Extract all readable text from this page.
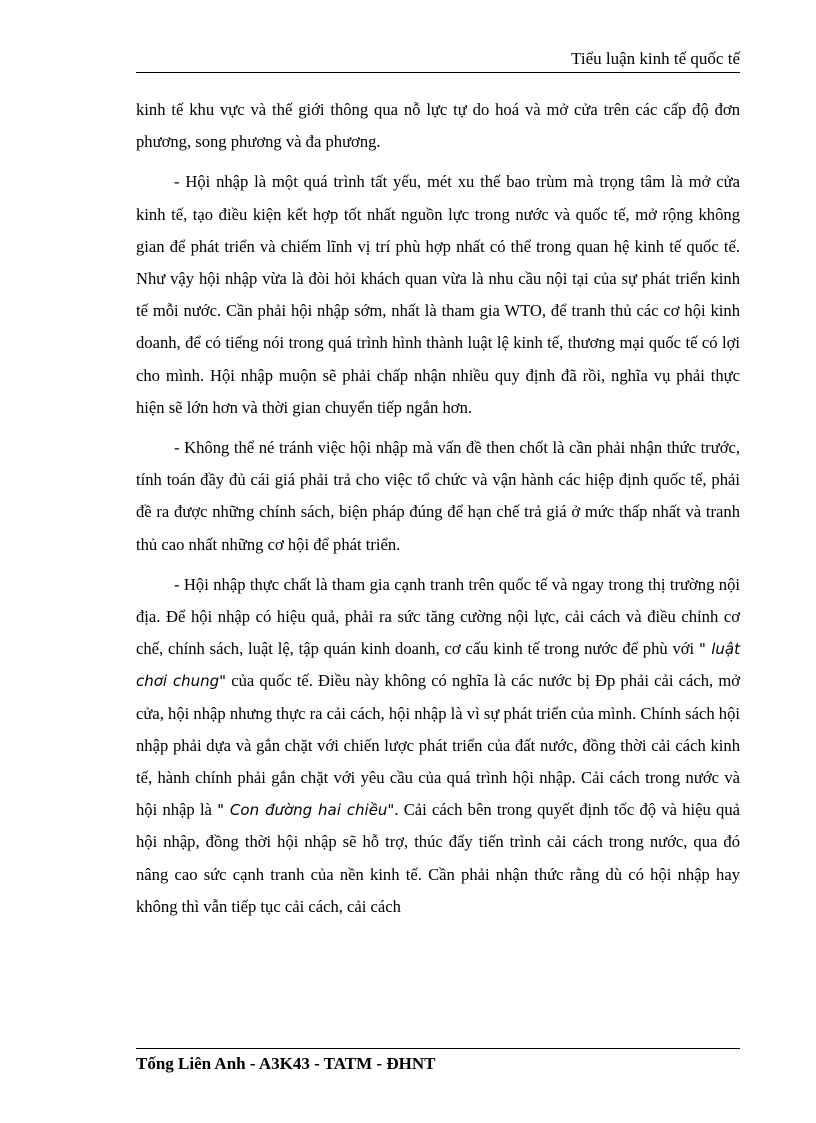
Tiểu luận kinh tế quốc tế

kinh tế khu vực và thế giới thông qua nỗ lực tự do hoá và mở cửa trên các cấp độ đơn phương, song phương và đa phương.

- Hội nhập là một quá trình tất yếu, mét xu thế bao trùm mà trọng tâm là mở cửa kinh tế, tạo điều kiện kết hợp tốt nhất nguồn lực trong nước và quốc tế, mở rộng không gian để phát triển và chiếm lĩnh vị trí phù hợp nhất có thể trong quan hệ kinh tế quốc tế. Như vậy hội nhập vừa là đòi hỏi khách quan vừa là nhu cầu nội tại của sự phát triển kinh tế mỗi nước. Cần phải hội nhập sớm, nhất là tham gia WTO, để tranh thủ các cơ hội kinh doanh, để có tiếng nói trong quá trình hình thành luật lệ kinh tế, thương mại quốc tế có lợi cho mình. Hội nhập muộn sẽ phải chấp nhận nhiều quy định đã rồi, nghĩa vụ phải thực hiện sẽ lớn hơn và thời gian chuyển tiếp ngắn hơn.

- Không thể né tránh việc hội nhập mà vấn đề then chốt là cần phải nhận thức trước, tính toán đầy đủ cái giá phải trả cho việc tổ chức và vận hành các hiệp định quốc tế, phải đề ra được những chính sách, biện pháp đúng để hạn chế trả giá ở mức thấp nhất và tranh thủ cao nhất những cơ hội để phát triển.

- Hội nhập thực chất là tham gia cạnh tranh trên quốc tế và ngay trong thị trường nội địa. Để hội nhập có hiệu quả, phải ra sức tăng cường nội lực, cải cách và điều chỉnh cơ chế, chính sách, luật lệ, tập quán kinh doanh, cơ cấu kinh tế trong nước để phù với " luật chơi chung" của quốc tế. Điều này không có nghĩa là các nước bị Đp phải cải cách, mở cửa, hội nhập nhưng thực ra cải cách, hội nhập là vì sự phát triển của mình. Chính sách hội nhập phải dựa và gắn chặt với chiến lược phát triển của đất nước, đồng thời cải cách kinh tế, hành chính phải gắn chặt với yêu cầu của quá trình hội nhập. Cải cách trong nước và hội nhập là " Con đường hai chiều". Cải cách bên trong quyết định tốc độ và hiệu quả hội nhập, đồng thời hội nhập sẽ hỗ trợ, thúc đẩy tiến trình cải cách trong nước, qua đó nâng cao sức cạnh tranh của nền kinh tế. Cần phải nhận thức rằng dù có hội nhập hay không thì vẫn tiếp tục cải cách, cải cách

Tống Liên Anh - A3K43 - TATM - ĐHNT
